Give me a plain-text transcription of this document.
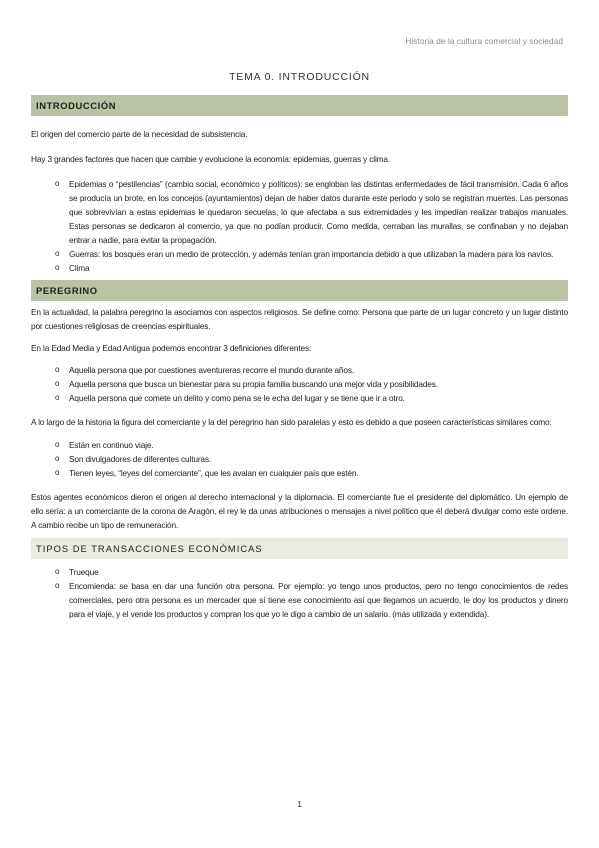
Historia de la cultura comercial y sociedad
TEMA 0. INTRODUCCIÓN
INTRODUCCIÓN

El origen del comercio parte de la necesidad de subsistencia.

Hay 3 grandes factores que hacen que cambie y evolucione la economía: epidemias, guerras y clima.

o Epidemias o “pestilencias” (cambio social, económico y políticos): se engloban las distintas enfermedades de fácil transmisión. Cada 6 años se producía un brote, en los concejos (ayuntamientos) dejan de haber datos durante este periodo y solo se registran muertes. Las personas que sobrevivían a estas epidemias le quedaron secuelas, lo que afectaba a sus extremidades y les impedían realizar trabajos manuales. Estas personas se dedicaron al comercio, ya que no podían producir. Como medida, cerraban las murallas, se confinaban y no dejaban entrar a nadie, para evitar la propagación.
o Guerras: los bosques eran un medio de protección, y además tenían gran importancia debido a que utilizaban la madera para los navíos.
o Clima
PEREGRINO

En la actualidad, la palabra peregrino la asociamos con aspectos religiosos. Se define como: Persona que parte de un lugar concreto y un lugar distinto por cuestiones religiosas de creencias espirituales.

En la Edad Media y Edad Antigua podemos encontrar 3 definiciones diferentes:

o Aquella persona que por cuestiones aventureras recorre el mundo durante años.
o Aquella persona que busca un bienestar para su propia familia buscando una mejor vida y posibilidades.
o Aquella persona que comete un delito y como pena se le echa del lugar y se tiene que ir a otro.

A lo largo de la historia la figura del comerciante y la del peregrino han sido paralelas y esto es debido a que poseen características similares como:

o Están en continuo viaje.
o Son divulgadores de diferentes culturas.
o Tienen leyes, “leyes del comerciante”, que les avalan en cualquier país que estén.

Estos agentes económicos dieron el origen al derecho internacional y la diplomacia. El comerciante fue el presidente del diplomático. Un ejemplo de ello sería: a un comerciante de la corona de Aragón, el rey le da unas atribuciones o mensajes a nivel político que él deberá divulgar como este ordene. A cambio recibe un tipo de remuneración.

TIPOS DE TRANSACCIONES ECONÓMICAS
o Trueque
o Encomienda: se basa en dar una función otra persona. Por ejemplo: yo tengo unos productos, pero no tengo conocimientos de redes comerciales, pero otra persona es un mercader que sí tiene ese conocimiento así que llegamos un acuerdo, le doy los productos y dinero para el viaje, y el vende los productos y compran los que yo le digo a cambio de un salario. (más utilizada y extendida).
1
